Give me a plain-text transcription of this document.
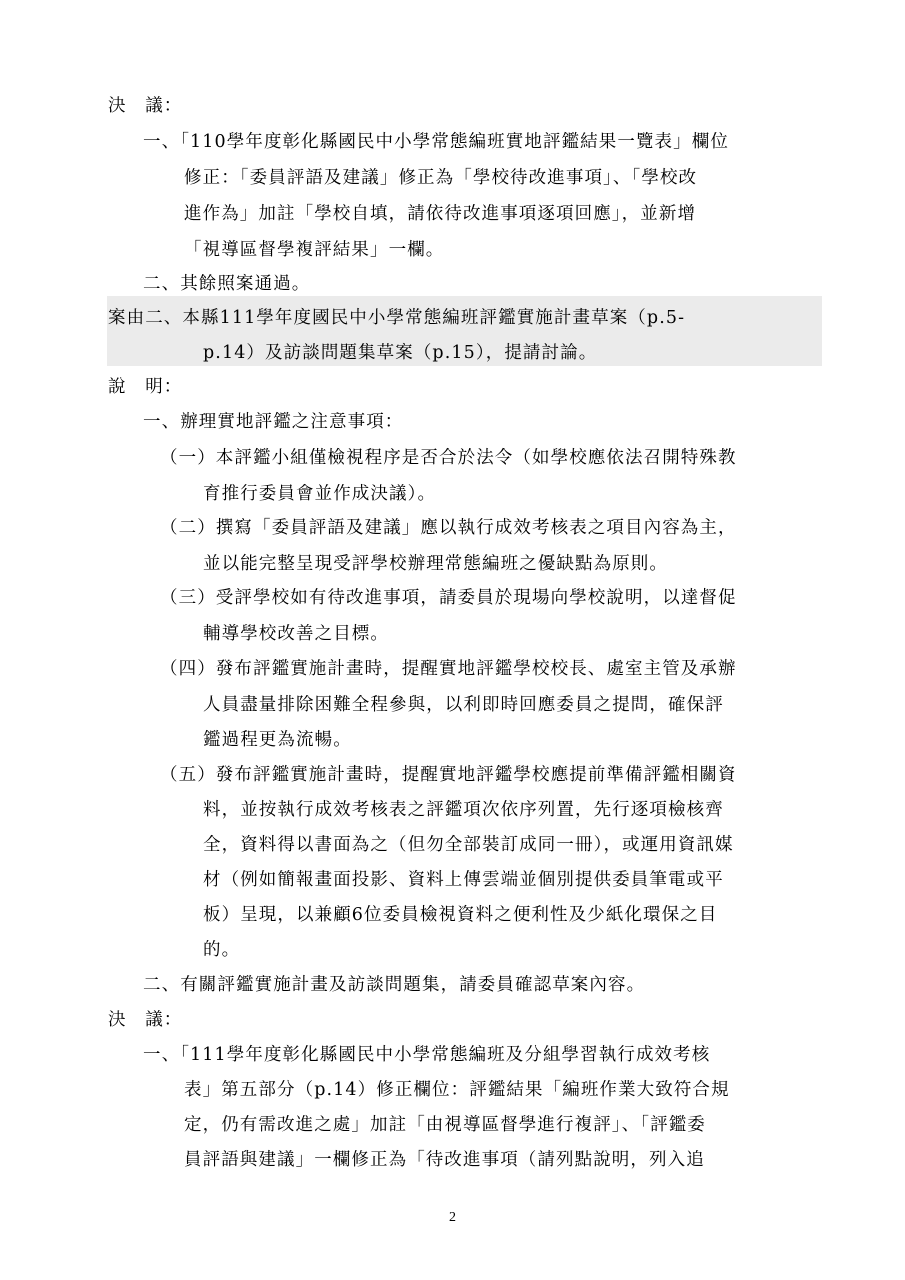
決　議：
一、「110學年度彰化縣國民中小學常態編班實地評鑑結果一覽表」欄位
修正：「委員評語及建議」修正為「學校待改進事項」、「學校改
進作為」加註「學校自填，請依待改進事項逐項回應」，並新增
「視導區督學複評結果」一欄。
二、其餘照案通過。
案由二、本縣111學年度國民中小學常態編班評鑑實施計畫草案（p.5-
p.14）及訪談問題集草案（p.15），提請討論。
說　明：
一、辦理實地評鑑之注意事項：
（一）本評鑑小組僅檢視程序是否合於法令（如學校應依法召開特殊教
育推行委員會並作成決議）。
（二）撰寫「委員評語及建議」應以執行成效考核表之項目內容為主，
並以能完整呈現受評學校辦理常態編班之優缺點為原則。
（三）受評學校如有待改進事項，請委員於現場向學校說明，以達督促
輔導學校改善之目標。
（四）發布評鑑實施計畫時，提醒實地評鑑學校校長、處室主管及承辦
人員盡量排除困難全程參與，以利即時回應委員之提問，確保評
鑑過程更為流暢。
（五）發布評鑑實施計畫時，提醒實地評鑑學校應提前準備評鑑相關資
料，並按執行成效考核表之評鑑項次依序列置，先行逐項檢核齊
全，資料得以書面為之（但勿全部裝訂成同一冊），或運用資訊媒
材（例如簡報畫面投影、資料上傳雲端並個別提供委員筆電或平
板）呈現，以兼顧6位委員檢視資料之便利性及少紙化環保之目
的。
二、有關評鑑實施計畫及訪談問題集，請委員確認草案內容。
決　議：
一、「111學年度彰化縣國民中小學常態編班及分組學習執行成效考核
表」第五部分（p.14）修正欄位：評鑑結果「編班作業大致符合規
定，仍有需改進之處」加註「由視導區督學進行複評」、「評鑑委
員評語與建議」一欄修正為「待改進事項（請列點說明，列入追
2
